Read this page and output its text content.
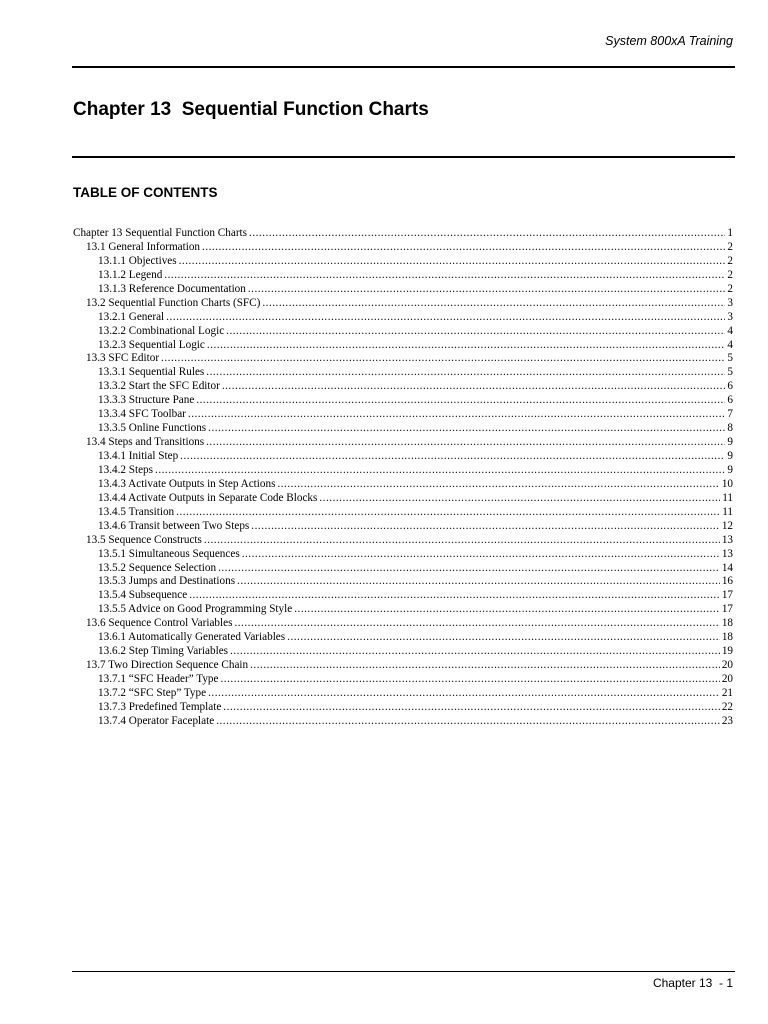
System 800xA Training
Chapter 13  Sequential Function Charts
TABLE OF CONTENTS
Chapter 13 Sequential Function Charts .....	1
13.1 General Information .....	2
13.1.1 Objectives .....	2
13.1.2 Legend .....	2
13.1.3 Reference Documentation .....	2
13.2 Sequential Function Charts (SFC) .....	3
13.2.1 General .....	3
13.2.2 Combinational Logic .....	4
13.2.3 Sequential Logic .....	4
13.3 SFC Editor .....	5
13.3.1 Sequential Rules .....	5
13.3.2 Start the SFC Editor .....	6
13.3.3 Structure Pane .....	6
13.3.4 SFC Toolbar .....	7
13.3.5 Online Functions .....	8
13.4 Steps and Transitions .....	9
13.4.1 Initial Step .....	9
13.4.2 Steps .....	9
13.4.3 Activate Outputs in Step Actions .....	10
13.4.4 Activate Outputs in Separate Code Blocks .....	11
13.4.5 Transition .....	11
13.4.6 Transit between Two Steps .....	12
13.5 Sequence Constructs .....	13
13.5.1 Simultaneous Sequences .....	13
13.5.2 Sequence Selection .....	14
13.5.3 Jumps and Destinations .....	16
13.5.4 Subsequence .....	17
13.5.5 Advice on Good Programming Style .....	17
13.6 Sequence Control Variables .....	18
13.6.1 Automatically Generated Variables .....	18
13.6.2 Step Timing Variables .....	19
13.7 Two Direction Sequence Chain .....	20
13.7.1 “SFC Header” Type .....	20
13.7.2 “SFC Step” Type .....	21
13.7.3 Predefined Template .....	22
13.7.4 Operator Faceplate .....	23
Chapter 13  - 1
